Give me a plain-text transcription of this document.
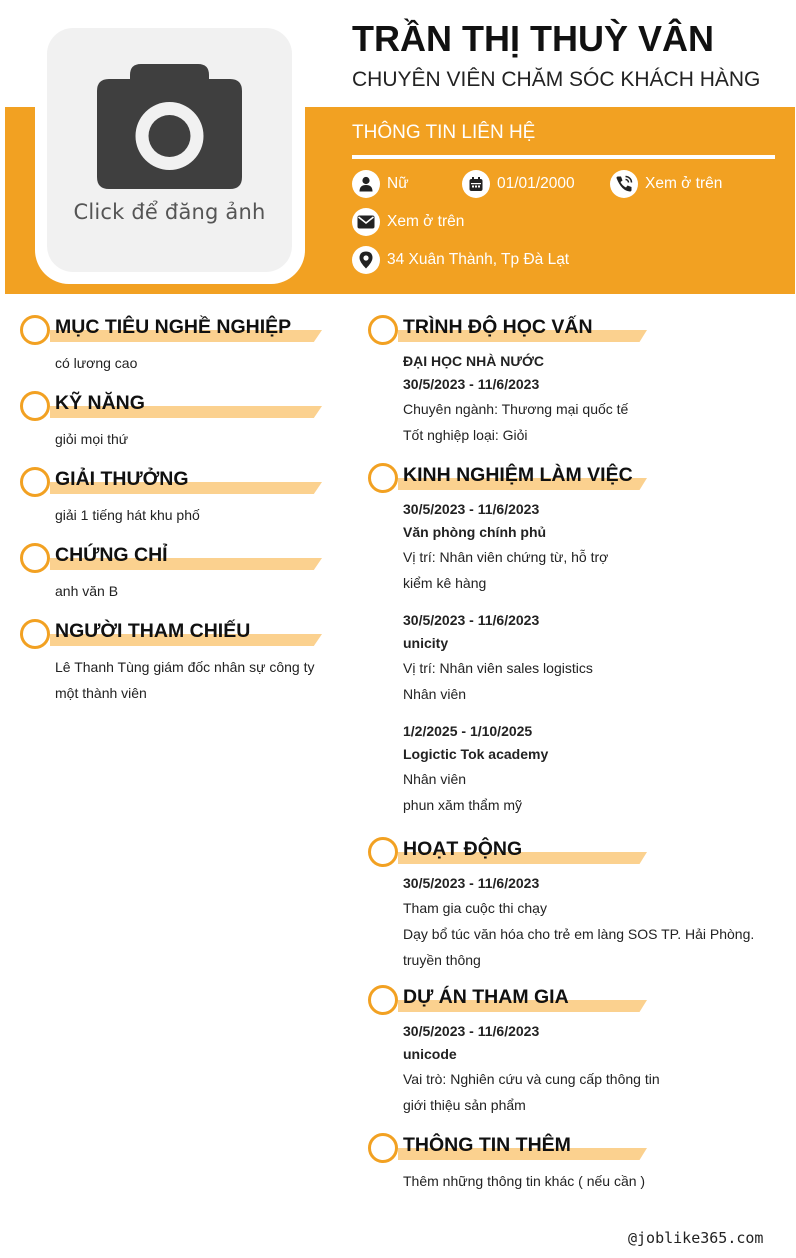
Click để đăng ảnh
TRẦN THỊ THUỲ VÂN
CHUYÊN VIÊN CHĂM SÓC KHÁCH HÀNG
THÔNG TIN LIÊN HỆ
Nữ	01/01/2000	Xem ở trên
Xem ở trên
34 Xuân Thành, Tp Đà Lạt
MỤC TIÊU NGHỀ NGHIỆP
có lương cao
KỸ NĂNG
giỏi mọi thứ
GIẢI THƯỞNG
giải 1 tiếng hát khu phố
CHỨNG CHỈ
anh văn B
NGƯỜI THAM CHIẾU
Lê Thanh Tùng giám đốc nhân sự công ty một thành viên
TRÌNH ĐỘ HỌC VẤN
ĐẠI HỌC NHÀ NƯỚC
30/5/2023 - 11/6/2023
Chuyên ngành: Thương mại quốc tế
Tốt nghiệp loại: Giỏi
KINH NGHIỆM LÀM VIỆC
30/5/2023 - 11/6/2023
Văn phòng chính phủ
Vị trí: Nhân viên chứng từ, hỗ trợ
kiểm kê hàng
30/5/2023 - 11/6/2023
unicity
Vị trí: Nhân viên sales logistics
Nhân viên
1/2/2025 - 1/10/2025
Logictic Tok academy
Nhân viên
phun xăm thẩm mỹ
HOẠT ĐỘNG
30/5/2023 - 11/6/2023
Tham gia cuộc thi chạy
Dạy bổ túc văn hóa cho trẻ em làng SOS TP. Hải Phòng.
truyền thông
DỰ ÁN THAM GIA
30/5/2023 - 11/6/2023
unicode
Vai trò: Nghiên cứu và cung cấp thông tin
giới thiệu sản phẩm
THÔNG TIN THÊM
Thêm những thông tin khác ( nếu cần )
@joblike365.com
